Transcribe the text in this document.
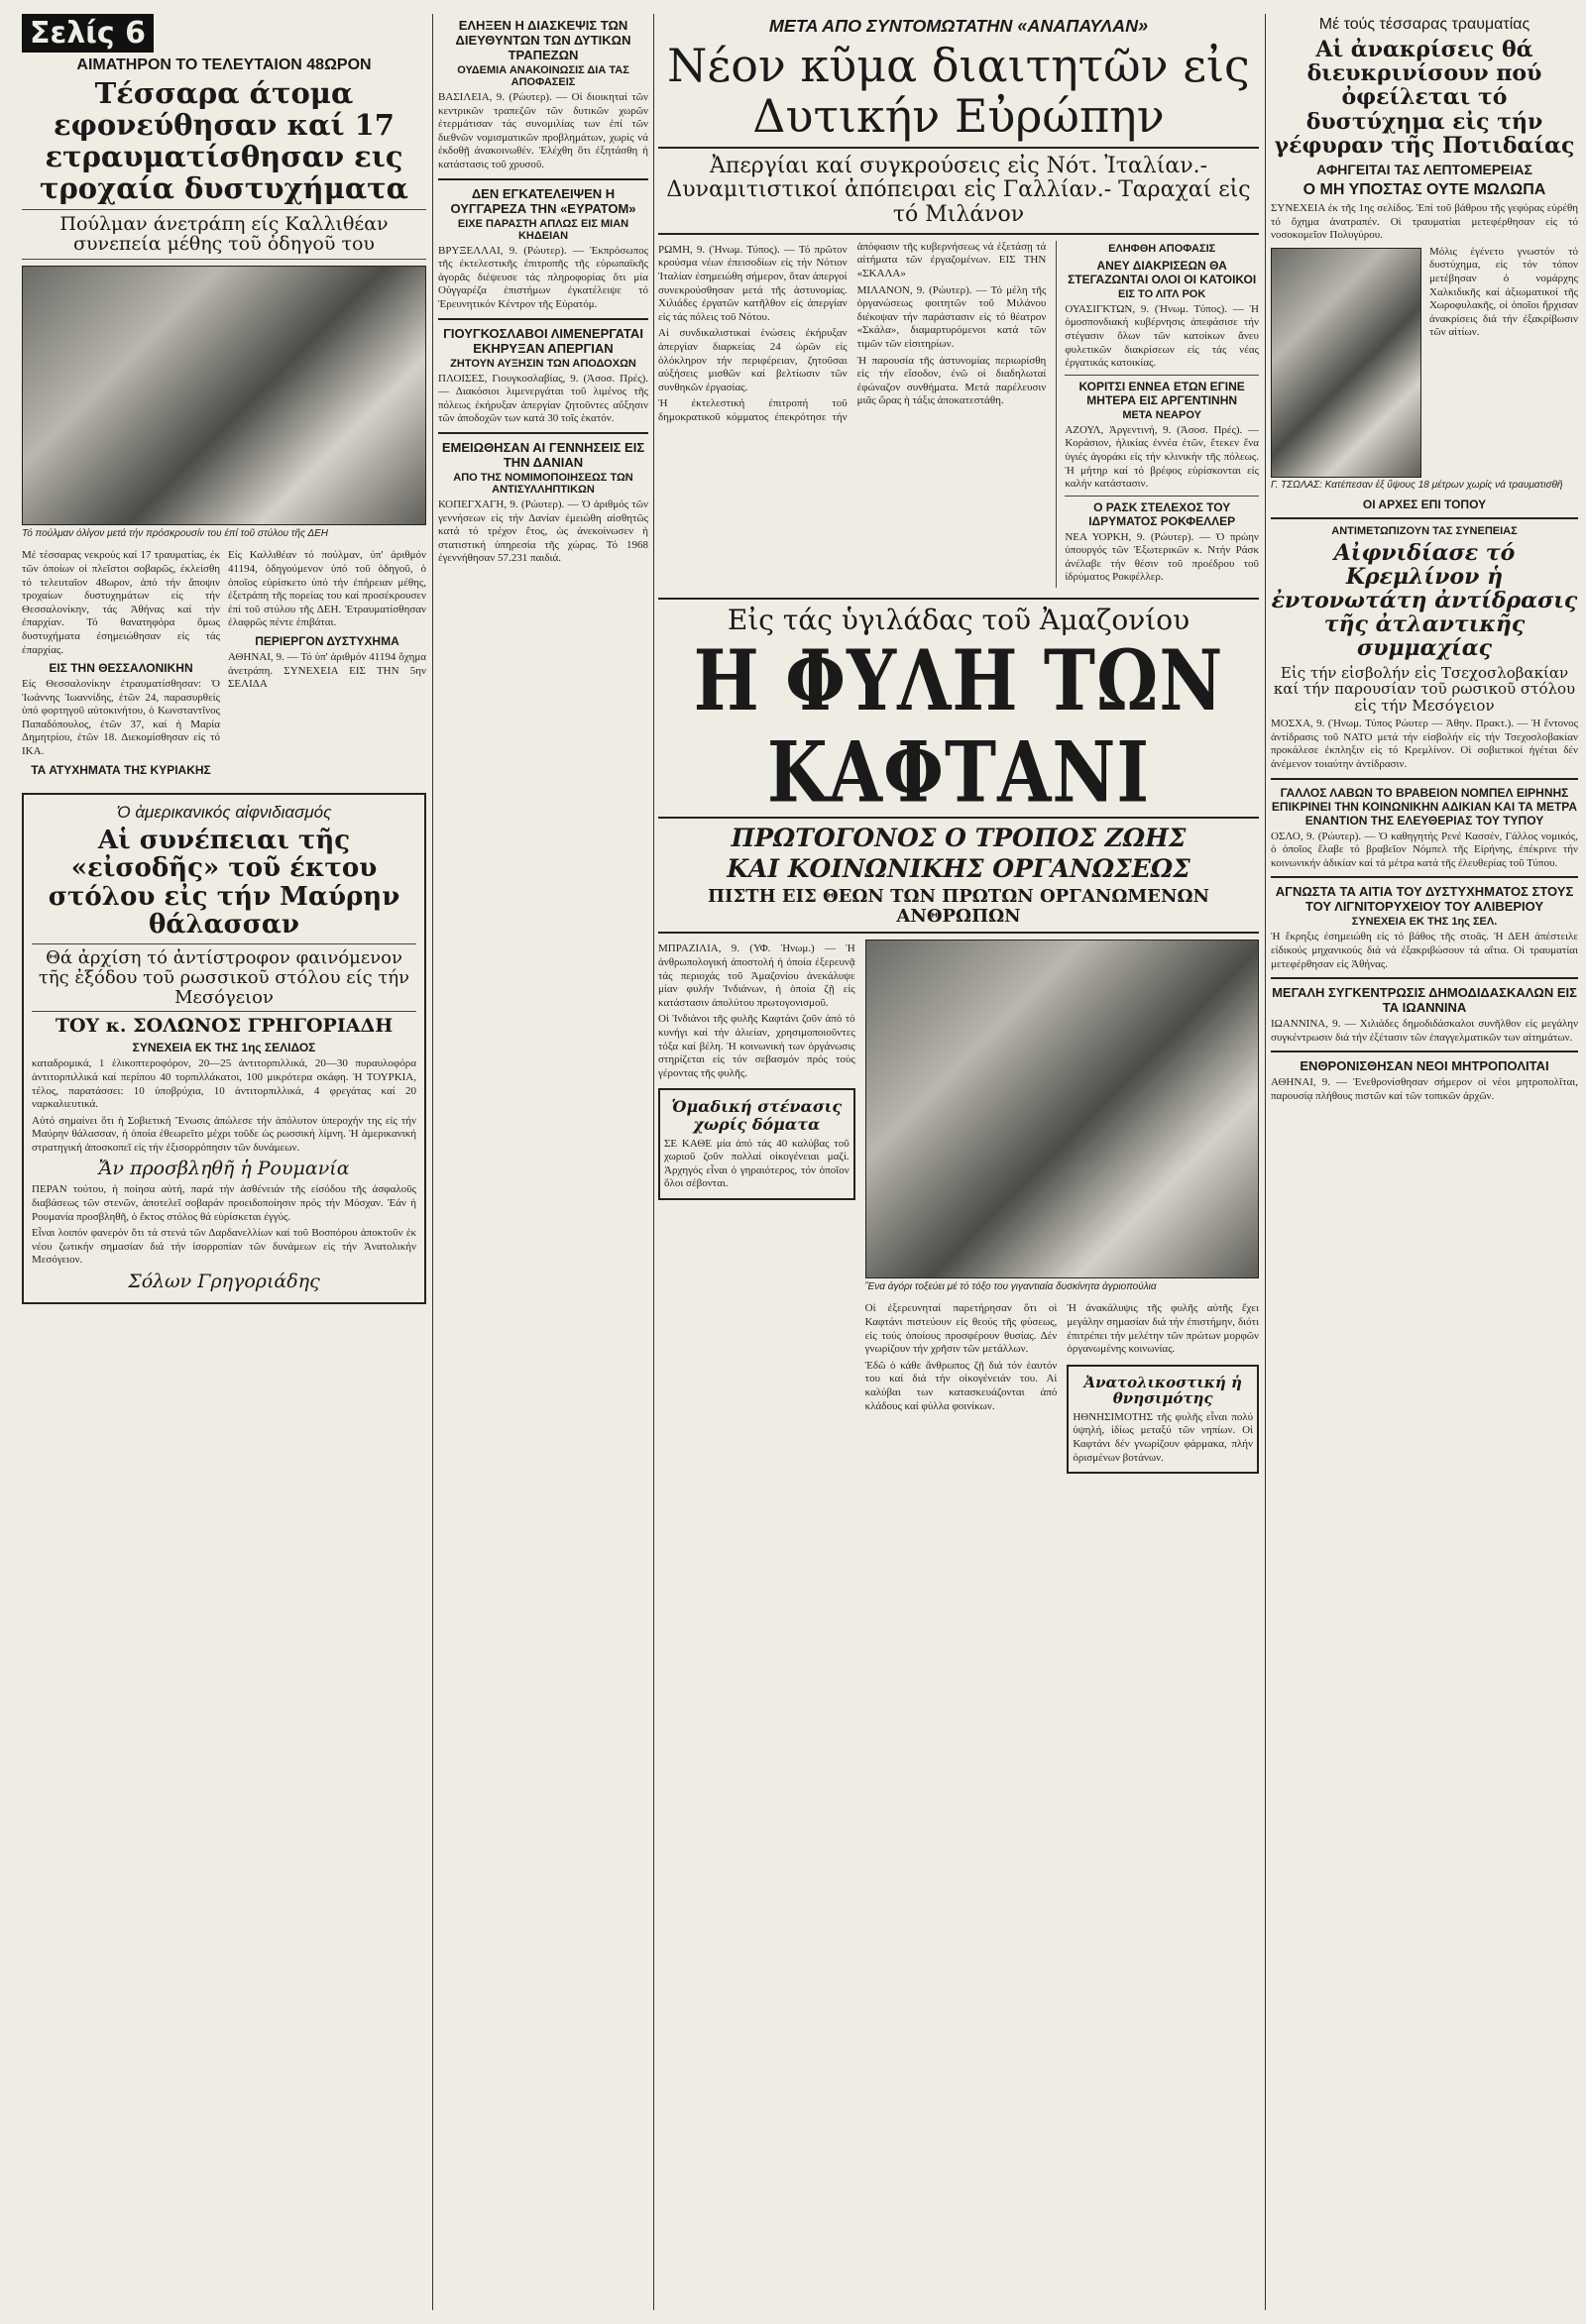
Σελίς 6
ΑΙΜΑΤΗΡΟΝ ΤΟ ΤΕΛΕΥΤΑΙΟΝ 48ΩΡΟΝ
Τέσσαρα άτομα εφονεύθησαν καί 17 ετραυματίσθησαν εις τροχαία δυστυχήματα
Πούλμαν άνετράπη είς Καλλιθέαν συνεπεία μέθης τοῦ ὁδηγοῦ του
Τό πούλμαν όλίγον μετά τήν πρόσκρουσίν του έπί τοῦ στύλου τῆς ΔΕΗ

Μέ τέσσαρας νεκρούς καί 17 τραυματίας, έκ τῶν ὁποίων οἱ πλεῖστοι σοβαρῶς, έκλείσθη τό τελευταῖον 48ωρον, ἀπό τήν ἄποψιν τροχαίων δυστυχημάτων είς τήν Θεσσαλονίκην, τάς Ἀθήνας καί τήν ἐπαρχίαν. Τό θανατηφόρα ὅμως δυστυχήματα ἐσημειώθησαν εἰς τάς ἐπαρχίας.

ΕΙΣ ΤΗΝ ΘΕΣΣΑΛΟΝΙΚΗΝ

Είς Θεσσαλονίκην ἐτραυματίσθησαν: Ὁ Ἰωάννης Ἰωαννίδης, ἐτῶν 24, παρασυρθείς ὑπό φορτηγοῦ αὐτοκινήτου, ὁ Κωνσταντῖνος Παπαδόπουλος, ἐτῶν 37, καί ἡ Μαρία Δημητρίου, ἐτῶν 18. Διεκομίσθησαν εἰς τό ΙΚΑ.

ΤΑ ΑΤΥΧΗΜΑΤΑ ΤΗΣ ΚΥΡΙΑΚΗΣ

Είς Καλλιθέαν τό πούλμαν, ὑπ' ἀριθμόν 41194, ὁδηγούμενον ὑπό τοῦ ὁδηγοῦ, ὁ ὁποῖος εὑρίσκετο ὑπό τήν ἐπήρειαν μέθης, ἐξετράπη τῆς πορείας του καί προσέκρουσεν ἐπί τοῦ στύλου τῆς ΔΕΗ. Ἐτραυματίσθησαν ἐλαφρῶς πέντε ἐπιβάται.

ΠΕΡΙΕΡΓΟΝ ΔΥΣΤΥΧΗΜΑ

ΑΘΗΝΑΙ, 9. — Τό ὑπ' ἀριθμόν 41194 ὄχημα ἀνετράπη. ΣΥΝΕΧΕΙΑ ΕΙΣ ΤΗΝ 5ην ΣΕΛΙΔΑ

Ὁ ἀμερικανικός αἰφνιδιασμός
Αἱ συνέπειαι τῆς «εἰσοδῆς» τοῦ έκτου στόλου εἰς τήν Μαύρην θάλασσαν
Θά ἀρχίση τό ἀντίστροφον φαινόμενον τῆς ἐξόδου τοῦ ρωσσικοῦ στόλου είς τήν Μεσόγειον
ΤΟΥ κ. ΣΟΛΩΝΟΣ ΓΡΗΓΟΡΙΑΔΗ
ΣΥΝΕΧΕΙΑ ΕΚ ΤΗΣ 1ης ΣΕΛΙΔΟΣ

καταδρομικά, 1 ἑλικοπτεροφόρον, 20—25 ἀντιτορπιλλικά, 20—30 πυραυλοφόρα ἀντιτορπιλλικά καί περίπου 40 τορπιλλάκατοι, 100 μικρότερα σκάφη. Ἡ ΤΟΥΡΚΙΑ, τέλος, παρατάσσει: 10 ὑποβρύχια, 10 ἀντιτορπιλλικά, 4 φρεγάτας καί 20 ναρκαλιευτικά.

Αὐτό σημαίνει ὅτι ἡ Σοβιετική Ἕνωσις ἀπώλεσε τήν ἀπόλυτον ὑπεροχήν της εἰς τήν Μαύρην θάλασσαν, ἡ ὁποία ἐθεωρεῖτο μέχρι τοῦδε ὡς ρωσσική λίμνη. Ἡ ἀμερικανική στρατηγική ἀποσκοπεῖ εἰς τήν ἐξισορρόπησιν τῶν δυνάμεων.

Ἄν προσβληθῆ ἡ Ρουμανία

ΠΕΡΑΝ τούτου, ἡ ποίησα αὐτή, παρά τήν ἀσθένειάν τῆς εἰσόδου τῆς ἀσφαλοῦς διαβάσεως τῶν στενῶν, ἀποτελεῖ σοβαράν προειδοποίησιν πρός τήν Μόσχαν. Ἐάν ἡ Ρουμανία προσβληθῆ, ὁ ἔκτος στόλος θά εὑρίσκεται ἐγγύς.

Εἶναι λοιπόν φανερόν ὅτι τά στενά τῶν Δαρδανελλίων καί τοῦ Βοσπόρου ἀποκτοῦν ἐκ νέου ζωτικήν σημασίαν διά τήν ἰσορροπίαν τῶν δυνάμεων εἰς τήν Ἀνατολικήν Μεσόγειον.

Σόλων Γρηγοριάδης
ΕΛΗΞΕΝ Η ΔΙΑΣΚΕΨΙΣ ΤΩΝ ΔΙΕΥΘΥΝΤΩΝ ΤΩΝ ΔΥΤΙΚΩΝ ΤΡΑΠΕΖΩΝ
ΟΥΔΕΜΙΑ ΑΝΑΚΟΙΝΩΣΙΣ ΔΙΑ ΤΑΣ ΑΠΟΦΑΣΕΙΣ

ΒΑΣΙΛΕΙΑ, 9. (Ρώυτερ). — Οἱ διοικηταί τῶν κεντρικῶν τραπεζῶν τῶν δυτικῶν χωρῶν ἐτερμάτισαν τάς συνομιλίας των ἐπί τῶν διεθνῶν νομισματικῶν προβλημάτων, χωρίς νά ἐκδοθῇ ἀνακοινωθέν. Ἐλέχθη ὅτι ἐξητάσθη ἡ κατάστασις τοῦ χρυσοῦ.

ΔΕΝ ΕΓΚΑΤΕΛΕΙΨΕΝ Η ΟΥΓΓΑΡΕΖΑ ΤΗΝ «ΕΥΡΑΤΟΜ»
ΕΙΧΕ ΠΑΡΑΣΤΗ ΑΠΛΩΣ ΕΙΣ ΜΙΑΝ ΚΗΔΕΙΑΝ

ΒΡΥΞΕΛΛΑΙ, 9. (Ρώυτερ). — Ἐκπρόσωπος τῆς ἐκτελεστικῆς ἐπιτροπῆς τῆς εὐρωπαϊκῆς ἀγορᾶς διέψευσε τάς πληροφορίας ὅτι μία Οὐγγαρέζα ἐπιστήμων ἐγκατέλειψε τό Ἐρευνητικόν Κέντρον τῆς Εὐρατόμ.

ΓΙΟΥΓΚΟΣΛΑΒΟΙ ΛΙΜΕΝΕΡΓΑΤΑΙ ΕΚΗΡΥΞΑΝ ΑΠΕΡΓΙΑΝ
ΖΗΤΟΥΝ ΑΥΞΗΣΙΝ ΤΩΝ ΑΠΟΔΟΧΩΝ

ΠΛΟΙΣΕΣ, Γιουγκοσλαβίας, 9. (Ἀσοσ. Πρές). — Διακόσιοι λιμενεργάται τοῦ λιμένος τῆς πόλεως ἐκήρυξαν ἀπεργίαν ζητοῦντες αὔξησιν τῶν ἀποδοχῶν των κατά 30 τοῖς ἑκατόν.

ΕΜΕΙΩΘΗΣΑΝ ΑΙ ΓΕΝΝΗΣΕΙΣ ΕΙΣ ΤΗΝ ΔΑΝΙΑΝ
ΑΠΟ ΤΗΣ ΝΟΜΙΜΟΠΟΙΗΣΕΩΣ ΤΩΝ ΑΝΤΙΣΥΛΛΗΠΤΙΚΩΝ

ΚΟΠΕΓΧΑΓΗ, 9. (Ρώυτερ). — Ὁ ἀριθμός τῶν γεννήσεων εἰς τήν Δανίαν ἐμειώθη αἰσθητῶς κατά τό τρέχον ἔτος, ὡς ἀνεκοίνωσεν ἡ στατιστική ὑπηρεσία τῆς χώρας. Τό 1968 ἐγεννήθησαν 57.231 παιδιά.

ΜΕΤΑ ΑΠΟ ΣΥΝΤΟΜΩΤΑΤΗΝ «ΑΝΑΠΑΥΛΑΝ»
Νέον κῦμα διαιτητῶν εἰς Δυτικήν Εὐρώπην
Ἀπεργίαι καί συγκρούσεις εἰς Νότ. Ἰταλίαν.- Δυναμιτιστικοί ἀπόπειραι εἰς Γαλλίαν.- Ταραχαί εἰς τό Μιλάνον

ΡΩΜΗ, 9. (Ἡνωμ. Τύπος). — Τό πρῶτον κρούσμα νέων ἐπεισοδίων εἰς τήν Νότιον Ἰταλίαν ἐσημειώθη σήμερον, ὅταν ἀπεργοί συνεκρούσθησαν μετά τῆς ἀστυνομίας. Χιλιάδες ἐργατῶν κατῆλθον εἰς ἀπεργίαν εἰς τάς πόλεις τοῦ Νότου.

Αἱ συνδικαλιστικαί ἑνώσεις ἐκήρυξαν ἀπεργίαν διαρκείας 24 ὡρῶν εἰς ὁλόκληρον τήν περιφέρειαν, ζητοῦσαι αὐξήσεις μισθῶν καί βελτίωσιν τῶν συνθηκῶν ἐργασίας.

Ἡ ἐκτελεστική ἐπιτροπή τοῦ δημοκρατικοῦ κόμματος ἐπεκρότησε τήν ἀπόφασιν τῆς κυβερνήσεως νά ἐξετάσῃ τά αἰτήματα τῶν ἐργαζομένων. ΕΙΣ ΤΗΝ «ΣΚΑΛΑ»

ΜΙΛΑΝΟΝ, 9. (Ρώυτερ). — Τό μέλη τῆς ὀργανώσεως φοιτητῶν τοῦ Μιλάνου διέκοψαν τήν παράστασιν εἰς τό θέατρον «Σκάλα», διαμαρτυρόμενοι κατά τῶν τιμῶν τῶν εἰσιτηρίων.

Ἡ παρουσία τῆς ἀστυνομίας περιωρίσθη εἰς τήν εἴσοδον, ἐνῶ οἱ διαδηλωταί ἐφώναζον συνθήματα. Μετά παρέλευσιν μιᾶς ὥρας ἡ τάξις ἀποκατεστάθη.

ΕΛΗΦΘΗ ΑΠΟΦΑΣΙΣ
ΑΝΕΥ ΔΙΑΚΡΙΣΕΩΝ ΘΑ ΣΤΕΓΑΖΩΝΤΑΙ ΟΛΟΙ ΟΙ ΚΑΤΟΙΚΟΙ
ΕΙΣ ΤΟ ΛΙΤΛ ΡΟΚ

ΟΥΑΣΙΓΚΤΩΝ, 9. (Ἡνωμ. Τύπος). — Ἡ ὁμοσπονδιακή κυβέρνησις ἀπεφάσισε τήν στέγασιν ὅλων τῶν κατοίκων ἄνευ φυλετικῶν διακρίσεων εἰς τάς νέας ἐργατικάς κατοικίας.

ΚΟΡΙΤΣΙ ΕΝΝΕΑ ΕΤΩΝ ΕΓΙΝΕ ΜΗΤΕΡΑ ΕΙΣ ΑΡΓΕΝΤΙΝΗΝ
ΜΕΤΑ ΝΕΑΡΟΥ

ΑΖΟΥΛ, Ἀργεντινή, 9. (Ἀσοσ. Πρές). — Κοράσιον, ἡλικίας ἐννέα ἐτῶν, ἔτεκεν ἕνα ὑγιές ἀγοράκι εἰς τήν κλινικήν τῆς πόλεως. Ἡ μήτηρ καί τό βρέφος εὑρίσκονται εἰς καλήν κατάστασιν.

Ο ΡΑΣΚ ΣΤΕΛΕΧΟΣ ΤΟΥ ΙΔΡΥΜΑΤΟΣ ΡΟΚΦΕΛΛΕΡ

ΝΕΑ ΥΟΡΚΗ, 9. (Ρώυτερ). — Ὁ πρώην ὑπουργός τῶν Ἐξωτερικῶν κ. Ντήν Ράσκ ἀνέλαβε τήν θέσιν τοῦ προέδρου τοῦ ἰδρύματος Ροκφέλλερ.

Εἰς τάς ὑγιλάδας τοῦ Ἀμαζονίου
Η ΦΥΛΗ ΤΩΝ ΚΑΦΤΑΝΙ
ΠΡΩΤΟΓΟΝΟΣ Ο ΤΡΟΠΟΣ ΖΩΗΣ
ΚΑΙ ΚΟΙΝΩΝΙΚΗΣ ΟΡΓΑΝΩΣΕΩΣ
ΠΙΣΤΗ ΕΙΣ ΘΕΩΝ ΤΩΝ ΠΡΩΤΩΝ ΟΡΓΑΝΩΜΕΝΩΝ ΑΝΘΡΩΠΩΝ

ΜΠΡΑΖΙΛΙΑ, 9. (ΥΦ. Ἠνωμ.) — Ἡ ἀνθρωπολογική ἀποστολή ἡ ὁποία ἐξερευνᾷ τάς περιοχάς τοῦ Ἀμαζονίου ἀνεκάλυψε μίαν φυλήν Ἰνδιάνων, ἡ ὁποία ζῇ εἰς κατάστασιν ἀπολύτου πρωτογονισμοῦ.

Οἱ Ἰνδιάνοι τῆς φυλῆς Καφτάνι ζοῦν ἀπό τό κυνήγι καί τήν ἁλιείαν, χρησιμοποιοῦντες τόξα καί βέλη. Ἡ κοινωνική των ὀργάνωσις στηρίζεται εἰς τόν σεβασμόν πρός τούς γέροντας τῆς φυλῆς.

Ὁμαδική στένασις χωρίς δόματα

ΣΕ ΚΑΘΕ μία ἀπό τάς 40 καλύβας τοῦ χωριοῦ ζοῦν πολλαί οἰκογένειαι μαζί. Ἀρχηγός εἶναι ὁ γηραιότερος, τόν ὁποῖον ὅλοι σέβονται.

Ἕνα ἀγόρι τοξεύει μέ τό τόξο του γιγαντιαία δυσκίνητα ἀγριοπούλια

Οἱ ἐξερευνηταί παρετήρησαν ὅτι οἱ Καφτάνι πιστεύουν εἰς θεούς τῆς φύσεως, εἰς τούς ὁποίους προσφέρουν θυσίας. Δέν γνωρίζουν τήν χρῆσιν τῶν μετάλλων.

Ἐδῶ ὁ κάθε ἄνθρωπος ζῇ διά τόν ἑαυτόν του καί διά τήν οἰκογένειάν του. Αἱ καλύβαι των κατασκευάζονται ἀπό κλάδους καί φύλλα φοινίκων.

Ἡ ἀνακάλυψις τῆς φυλῆς αὐτῆς ἔχει μεγάλην σημασίαν διά τήν ἐπιστήμην, διότι ἐπιτρέπει τήν μελέτην τῶν πρώτων μορφῶν ὀργανωμένης κοινωνίας.

Ἀνατολικοστική ἡ θνησιμότης

ΗΘΝΗΣΙΜΟΤΗΣ τῆς φυλῆς εἶναι πολύ ὑψηλή, ἰδίως μεταξύ τῶν νηπίων. Οἱ Καφτάνι δέν γνωρίζουν φάρμακα, πλήν ὁρισμένων βοτάνων.

Μέ τούς τέσσαρας τραυματίας
Αἱ ἀνακρίσεις θά διευκρινίσουν πού ὀφείλεται τό δυστύχημα εἰς τήν γέφυραν τῆς Ποτιδαίας
ΑΦΗΓΕΙΤΑΙ ΤΑΣ ΛΕΠΤΟΜΕΡΕΙΑΣ
Ο ΜΗ ΥΠΟΣΤΑΣ ΟΥΤΕ ΜΩΛΩΠΑ

ΣΥΝΕΧΕΙΑ ἐκ τῆς 1ης σελίδος. Ἐπί τοῦ βάθρου τῆς γεφύρας εὑρέθη τό ὄχημα ἀνατραπέν. Οἱ τραυματίαι μετεφέρθησαν εἰς τό νοσοκομεῖον Πολυγύρου.

Μόλις ἐγένετο γνωστόν τό δυστύχημα, εἰς τόν τόπον μετέβησαν ὁ νομάρχης Χαλκιδικῆς καί ἀξιωματικοί τῆς Χωροφυλακῆς, οἱ ὁποῖοι ἤρχισαν ἀνακρίσεις διά τήν ἐξακρίβωσιν τῶν αἰτίων.

Γ. ΤΣΩΛΑΣ: Κατέπεσαν ἐξ ὕψους 18 μέτρων χωρίς νά τραυματισθῆ
ΟΙ ΑΡΧΕΣ ΕΠΙ ΤΟΠΟΥ
ΑΝΤΙΜΕΤΩΠΙΖΟΥΝ ΤΑΣ ΣΥΝΕΠΕΙΑΣ
Αἰφνιδίασε τό Κρεμλίνον ἡ ἐντονωτάτη ἀντίδρασις τῆς ἀτλαντικῆς συμμαχίας
Εἰς τήν εἰσβολήν εἰς Τσεχοσλοβακίαν καί τήν παρουσίαν τοῦ ρωσικοῦ στόλου εἰς τήν Μεσόγειον

ΜΟΣΧΑ, 9. (Ἡνωμ. Τύπος Ρώυτερ — Ἀθην. Πρακτ.). — Ἡ ἔντονος ἀντίδρασις τοῦ ΝΑΤΟ μετά τήν εἰσβολήν εἰς τήν Τσεχοσλοβακίαν προκάλεσε ἐκπληξιν εἰς τό Κρεμλίνον. Οἱ σοβιετικοί ἡγέται δέν ἀνέμενον τοιαύτην ἀντίδρασιν.

ΓΑΛΛΟΣ ΛΑΒΩΝ ΤΟ ΒΡΑΒΕΙΟΝ ΝΟΜΠΕΛ ΕΙΡΗΝΗΣ ΕΠΙΚΡΙΝΕΙ ΤΗΝ ΚΟΙΝΩΝΙΚΗΝ ΑΔΙΚΙΑΝ ΚΑΙ ΤΑ ΜΕΤΡΑ ΕΝΑΝΤΙΟΝ ΤΗΣ ΕΛΕΥΘΕΡΙΑΣ ΤΟΥ ΤΥΠΟΥ

ΟΣΛΟ, 9. (Ρώυτερ). — Ὁ καθηγητής Ρενέ Κασσέν, Γάλλος νομικός, ὁ ὁποῖος ἔλαβε τό βραβεῖον Νόμπελ τῆς Εἰρήνης, ἐπέκρινε τήν κοινωνικήν ἀδικίαν καί τά μέτρα κατά τῆς ἐλευθερίας τοῦ Τύπου.

ΑΓΝΩΣΤΑ ΤΑ ΑΙΤΙΑ ΤΟΥ ΔΥΣΤΥΧΗΜΑΤΟΣ ΣΤΟΥΣ ΤΟΥ ΛΙΓΝΙΤΟΡΥΧΕΙΟΥ ΤΟΥ ΑΛΙΒΕΡΙΟΥ
ΣΥΝΕΧΕΙΑ ΕΚ ΤΗΣ 1ης ΣΕΛ.

Ἡ ἔκρηξις ἐσημειώθη εἰς τό βάθος τῆς στοᾶς. Ἡ ΔΕΗ ἀπέστειλε εἰδικούς μηχανικούς διά νά ἐξακριβώσουν τά αἴτια. Οἱ τραυματίαι μετεφέρθησαν εἰς Ἀθήνας.

ΜΕΓΑΛΗ ΣΥΓΚΕΝΤΡΩΣΙΣ ΔΗΜΟΔΙΔΑΣΚΑΛΩΝ ΕΙΣ ΤΑ ΙΩΑΝΝΙΝΑ

ΙΩΑΝΝΙΝΑ, 9. — Χιλιάδες δημοδιδάσκαλοι συνῆλθον εἰς μεγάλην συγκέντρωσιν διά τήν ἐξέτασιν τῶν ἐπαγγελματικῶν των αἰτημάτων.

ΕΝΘΡΟΝΙΣΘΗΣΑΝ ΝΕΟΙ ΜΗΤΡΟΠΟΛΙΤΑΙ

ΑΘΗΝΑΙ, 9. — Ἐνεθρονίσθησαν σήμερον οἱ νέοι μητροπολῖται, παρουσίᾳ πλήθους πιστῶν καί τῶν τοπικῶν ἀρχῶν.
